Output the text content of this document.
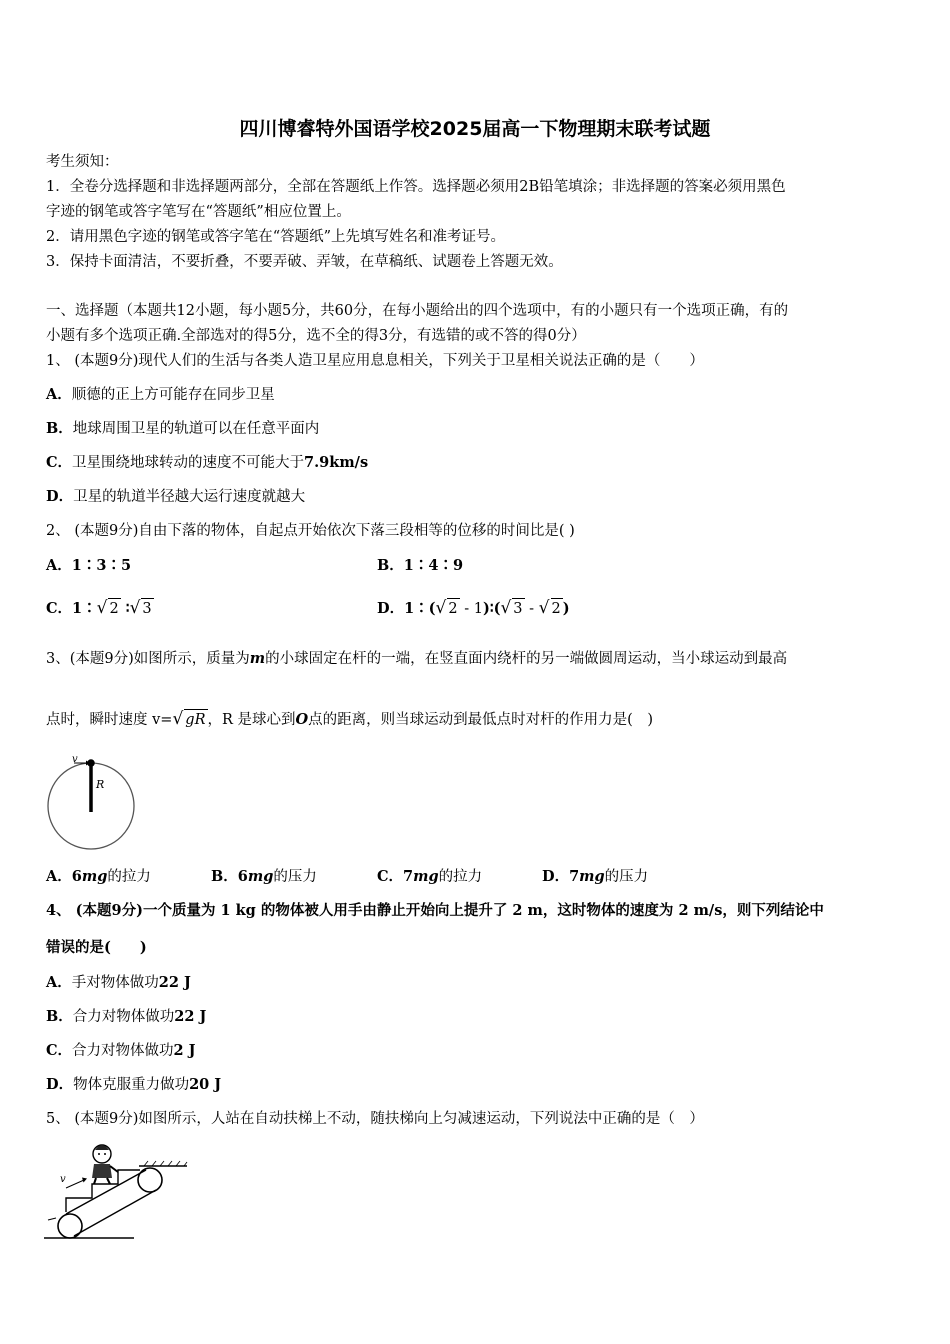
四川博睿特外国语学校2025届高一下物理期末联考试题
考生须知：
1．全卷分选择题和非选择题两部分，全部在答题纸上作答。选择题必须用2B铅笔填涂；非选择题的答案必须用黑色
字迹的钢笔或答字笔写在“答题纸”相应位置上。
2．请用黑色字迹的钢笔或答字笔在“答题纸”上先填写姓名和准考证号。
3．保持卡面清洁，不要折叠，不要弄破、弄皱，在草稿纸、试题卷上答题无效。
一、选择题（本题共12小题，每小题5分，共60分，在每小题给出的四个选项中，有的小题只有一个选项正确，有的
小题有多个选项正确.全部选对的得5分，选不全的得3分，有选错的或不答的得0分）
1、 (本题9分)现代人们的生活与各类人造卫星应用息息相关，下列关于卫星相关说法正确的是（　　）
A．顺德的正上方可能存在同步卫星
B．地球周围卫星的轨道可以在任意平面内
C．卫星围绕地球转动的速度不可能大于7.9km/s
D．卫星的轨道半径越大运行速度就越大
2、 (本题9分)自由下落的物体，自起点开始依次下落三段相等的位移的时间比是( )
A．1∶3∶5	B．1∶4∶9
C．1∶√ 2 ∶√ 3	D．1∶(√ 2 - 1)∶(√ 3 - √ 2 )
3、(本题9分)如图所示，质量为m的小球固定在杆的一端，在竖直面内绕杆的另一端做圆周运动，当小球运动到最高
点时，瞬时速度 v=√ gR ，R 是球心到O点的距离，则当球运动到最低点时对杆的作用力是(　)
v
R
A．6mg的拉力	B．6mg的压力	C．7mg的拉力	D．7mg的压力
4、 (本题9分)一个质量为 1 kg 的物体被人用手由静止开始向上提升了 2 m，这时物体的速度为 2 m/s，则下列结论中
错误的是(　　)
A．手对物体做功22 J
B．合力对物体做功22 J
C．合力对物体做功2 J
D．物体克服重力做功20 J
5、 (本题9分)如图所示，人站在自动扶梯上不动，随扶梯向上匀减速运动，下列说法中正确的是（　）
v
